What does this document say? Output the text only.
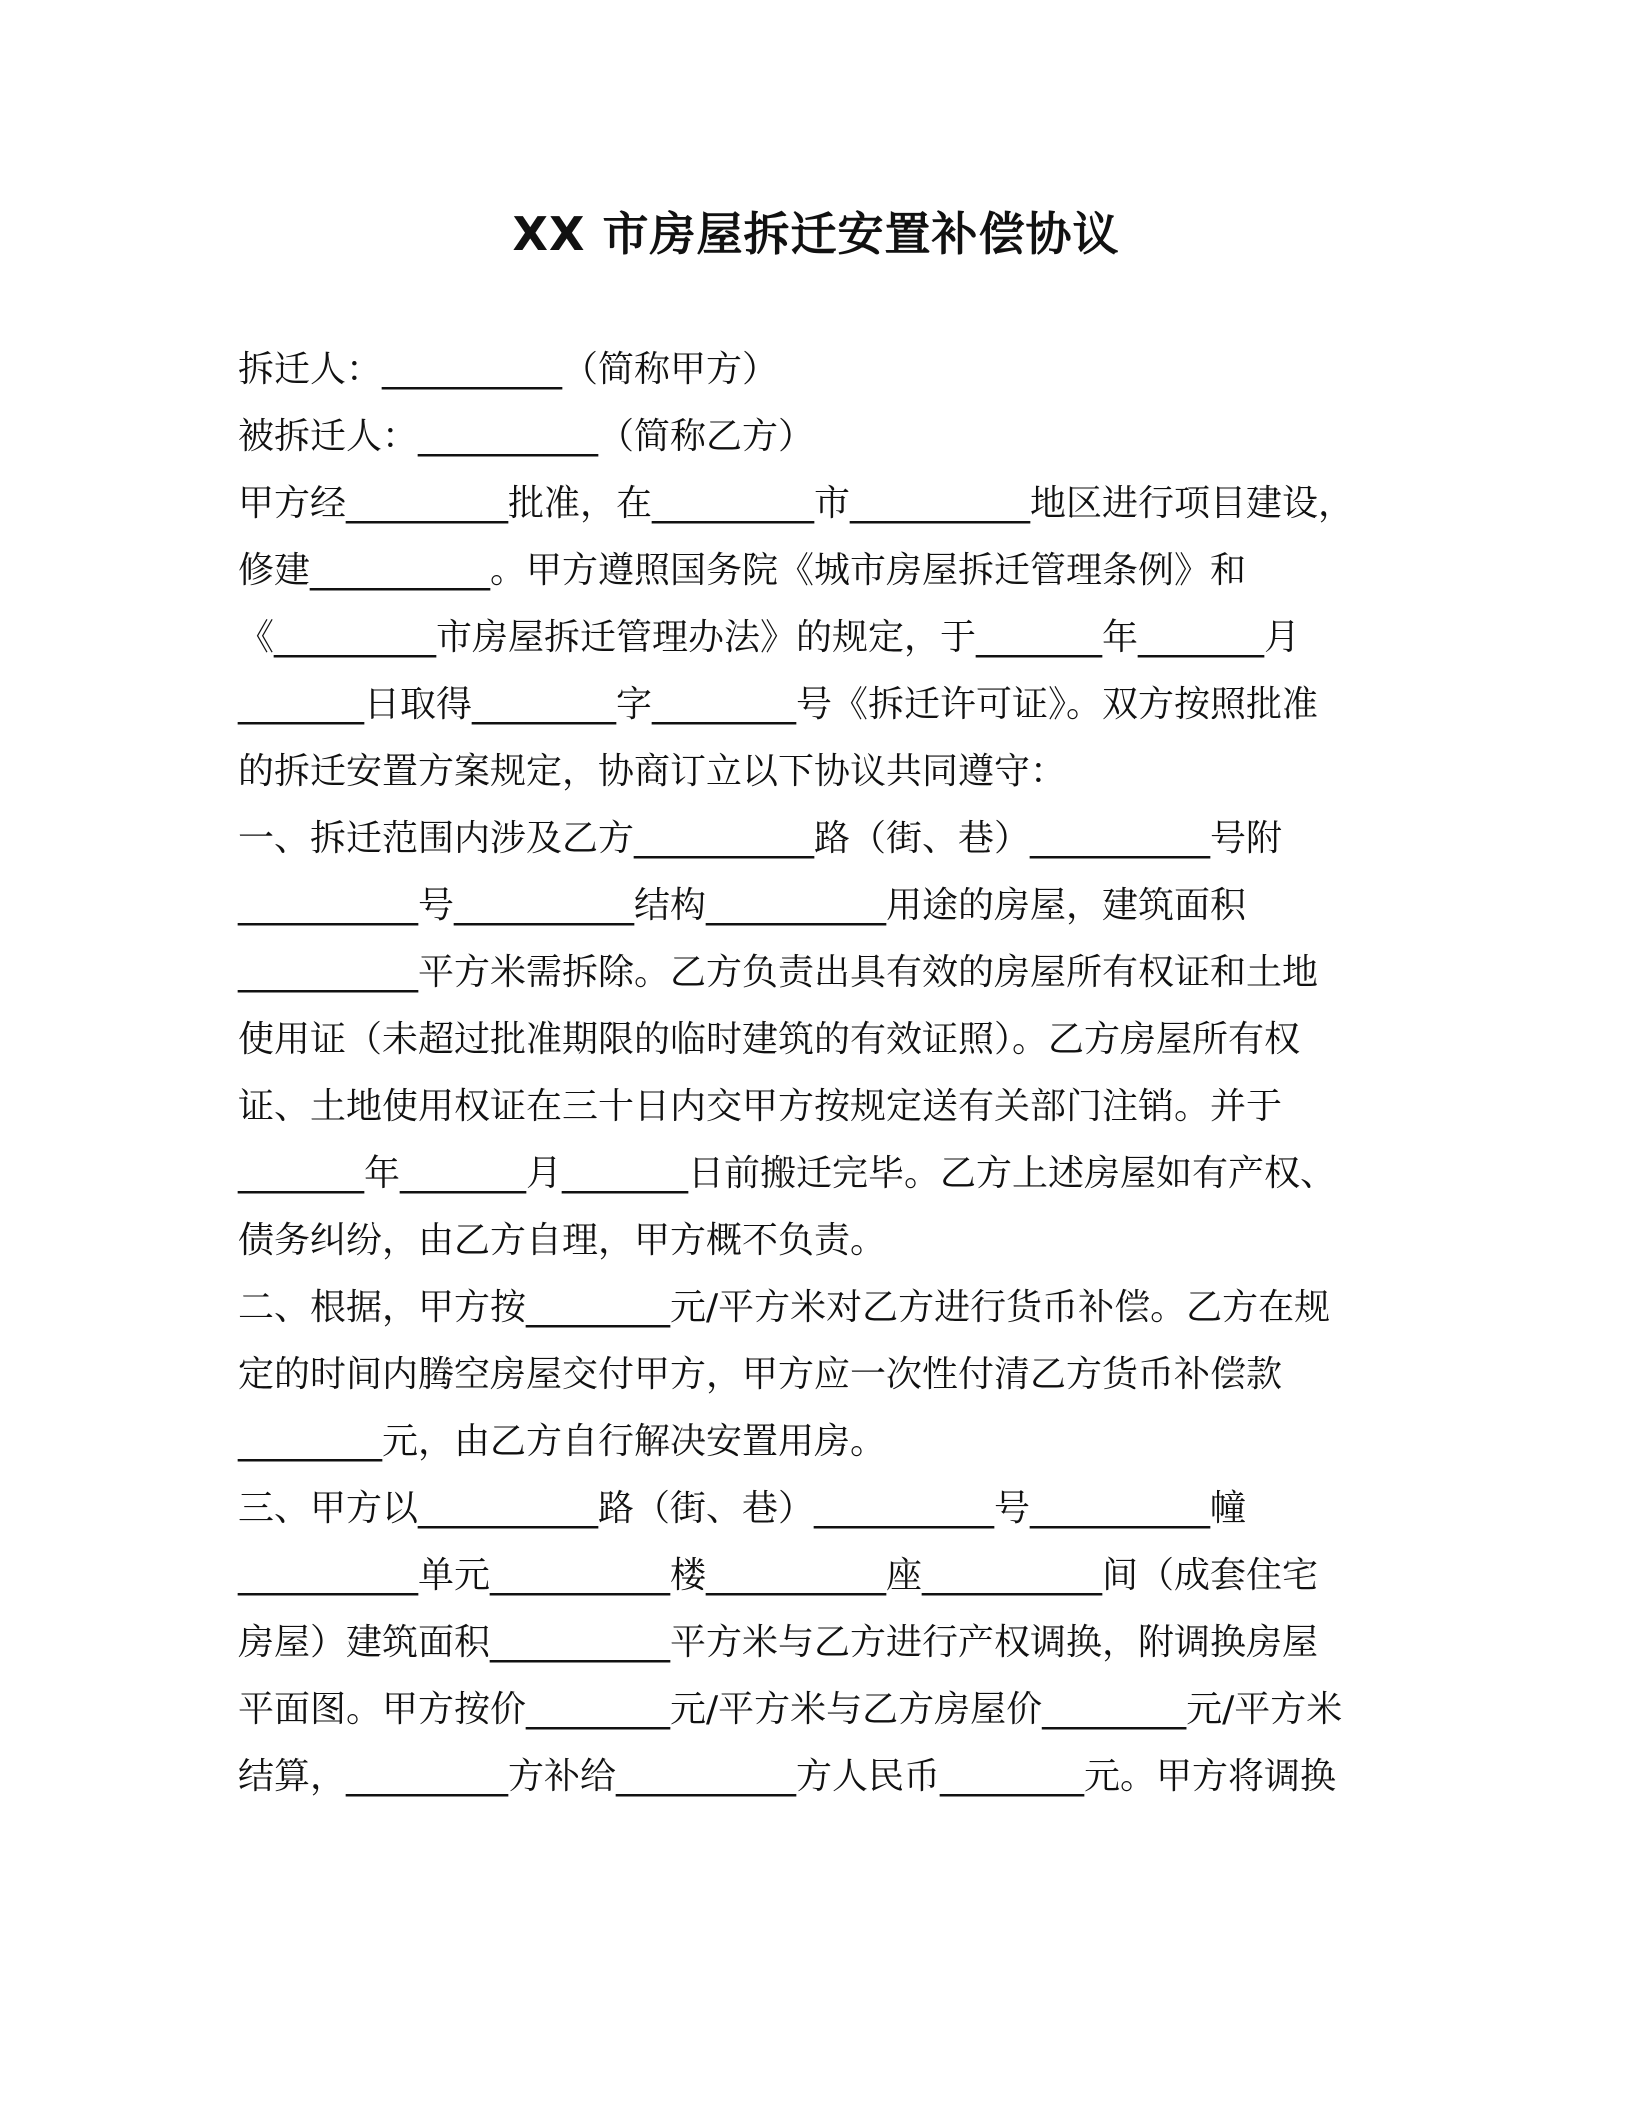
XX 市房屋拆迁安置补偿协议
拆迁人：__________（简称甲方）
被拆迁人：__________（简称乙方）
甲方经_________批准，在_________市__________地区进行项目建设，
修建__________。甲方遵照国务院《城市房屋拆迁管理条例》和
《_________市房屋拆迁管理办法》的规定，于_______年_______月
_______日取得________字________号《拆迁许可证》。双方按照批准
的拆迁安置方案规定，协商订立以下协议共同遵守：
一、拆迁范围内涉及乙方__________路（街、巷）__________号附
__________号__________结构__________用途的房屋，建筑面积
__________平方米需拆除。乙方负责出具有效的房屋所有权证和土地
使用证（未超过批准期限的临时建筑的有效证照）。乙方房屋所有权
证、土地使用权证在三十日内交甲方按规定送有关部门注销。并于
_______年_______月_______日前搬迁完毕。乙方上述房屋如有产权、
债务纠纷，由乙方自理，甲方概不负责。
二、根据，甲方按________元/平方米对乙方进行货币补偿。乙方在规
定的时间内腾空房屋交付甲方，甲方应一次性付清乙方货币补偿款
________元，由乙方自行解决安置用房。
三、甲方以__________路（街、巷）__________号__________幢
__________单元__________楼__________座__________间（成套住宅
房屋）建筑面积__________平方米与乙方进行产权调换，附调换房屋
平面图。甲方按价________元/平方米与乙方房屋价________元/平方米
结算，_________方补给__________方人民币________元。甲方将调换
